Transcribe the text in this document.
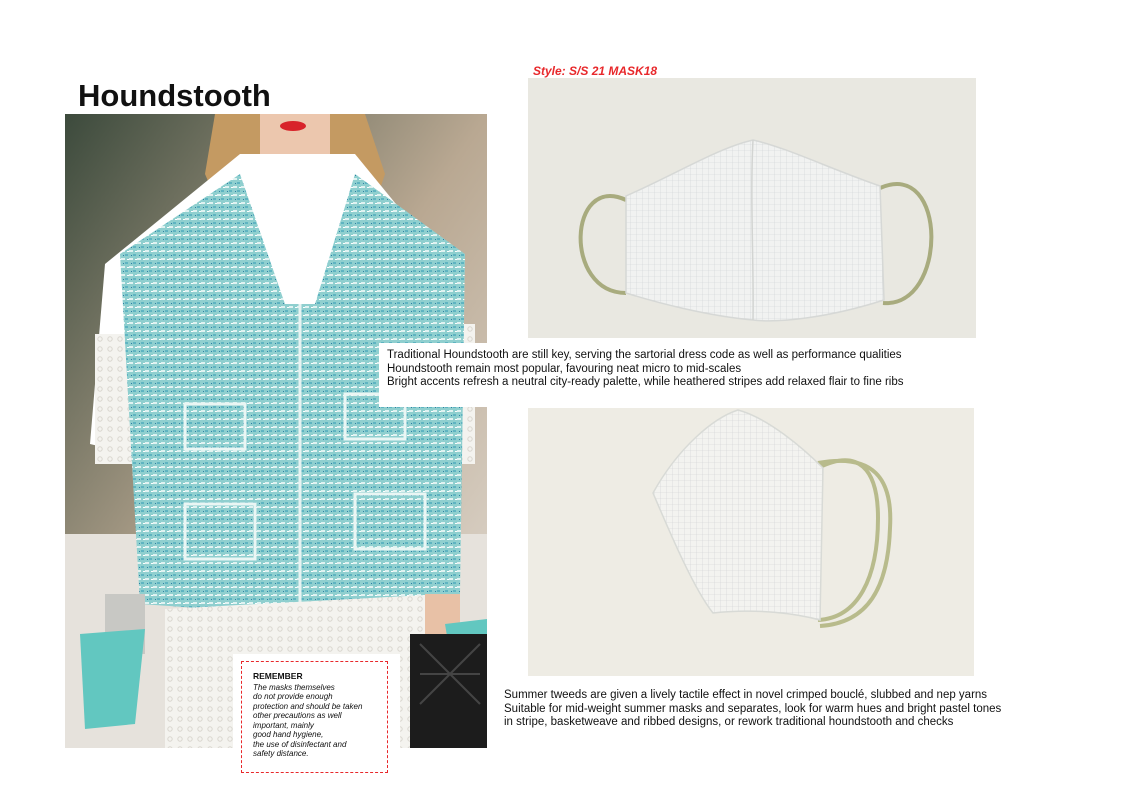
Houndstooth
Style: S/S 21 MASK18
Traditional Houndstooth are still key, serving the sartorial dress code as well as performance qualities
Houndstooth remain most popular, favouring neat micro to mid-scales
Bright accents refresh a neutral city-ready palette, while heathered stripes add relaxed flair to fine ribs
Summer tweeds are given a lively tactile effect in novel crimped bouclé, slubbed and nep yarns
Suitable for mid-weight summer masks and separates, look for warm hues and bright pastel tones
in stripe, basketweave and ribbed designs, or rework traditional houndstooth and checks
REMEMBER
The masks themselves
do not provide enough
protection and should be taken
other precautions as well
important, mainly
good hand hygiene,
the use of disinfectant and
safety distance.
